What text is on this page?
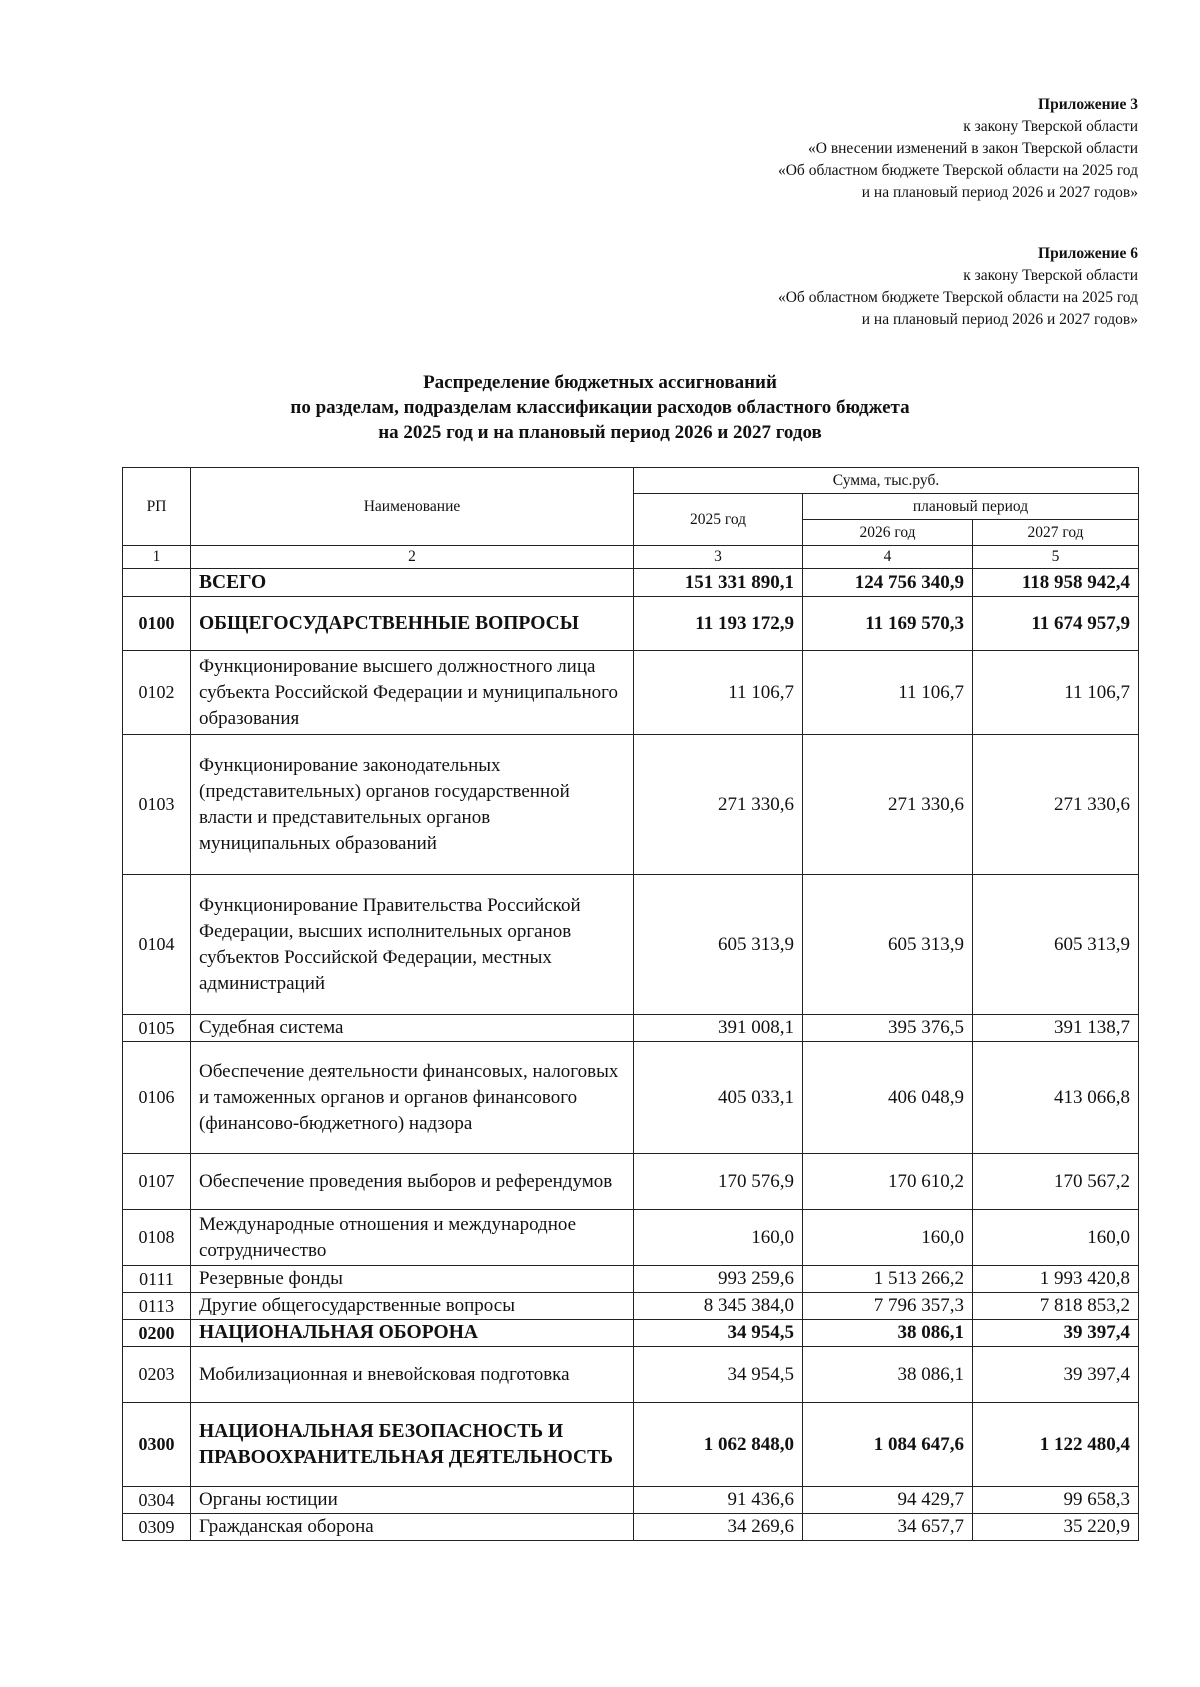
Приложение 3
к закону Тверской области
«О внесении изменений в закон Тверской области
«Об областном бюджете Тверской области на 2025 год
и на плановый период 2026 и 2027 годов»
Приложение 6
к закону Тверской области
«Об областном бюджете Тверской области на 2025 год
и на плановый период 2026 и 2027 годов»
Распределение бюджетных ассигнований
по разделам, подразделам классификации расходов областного бюджета
на 2025 год и на плановый период 2026 и 2027 годов
РП	Наименование	Сумма, тыс.руб.		
		2025 год	плановый период	
			2026 год	2027 год
1	2	3	4	5
	ВСЕГО	151 331 890,1	124 756 340,9	118 958 942,4
0100	ОБЩЕГОСУДАРСТВЕННЫЕ ВОПРОСЫ	11 193 172,9	11 169 570,3	11 674 957,9
0102	Функционирование высшего должностного лица субъекта Российской Федерации и муниципального образования	11 106,7	11 106,7	11 106,7
0103	Функционирование законодательных (представительных) органов государственной власти и представительных органов муниципальных образований	271 330,6	271 330,6	271 330,6
0104	Функционирование Правительства Российской Федерации, высших исполнительных органов субъектов Российской Федерации, местных администраций	605 313,9	605 313,9	605 313,9
0105	Судебная система	391 008,1	395 376,5	391 138,7
0106	Обеспечение деятельности финансовых, налоговых и таможенных органов и органов финансового (финансово-бюджетного) надзора	405 033,1	406 048,9	413 066,8
0107	Обеспечение проведения выборов и референдумов	170 576,9	170 610,2	170 567,2
0108	Международные отношения и международное сотрудничество	160,0	160,0	160,0
0111	Резервные фонды	993 259,6	1 513 266,2	1 993 420,8
0113	Другие общегосударственные вопросы	8 345 384,0	7 796 357,3	7 818 853,2
0200	НАЦИОНАЛЬНАЯ ОБОРОНА	34 954,5	38 086,1	39 397,4
0203	Мобилизационная и вневойсковая подготовка	34 954,5	38 086,1	39 397,4
0300	НАЦИОНАЛЬНАЯ БЕЗОПАСНОСТЬ И ПРАВООХРАНИТЕЛЬНАЯ ДЕЯТЕЛЬНОСТЬ	1 062 848,0	1 084 647,6	1 122 480,4
0304	Органы юстиции	91 436,6	94 429,7	99 658,3
0309	Гражданская оборона	34 269,6	34 657,7	35 220,9
